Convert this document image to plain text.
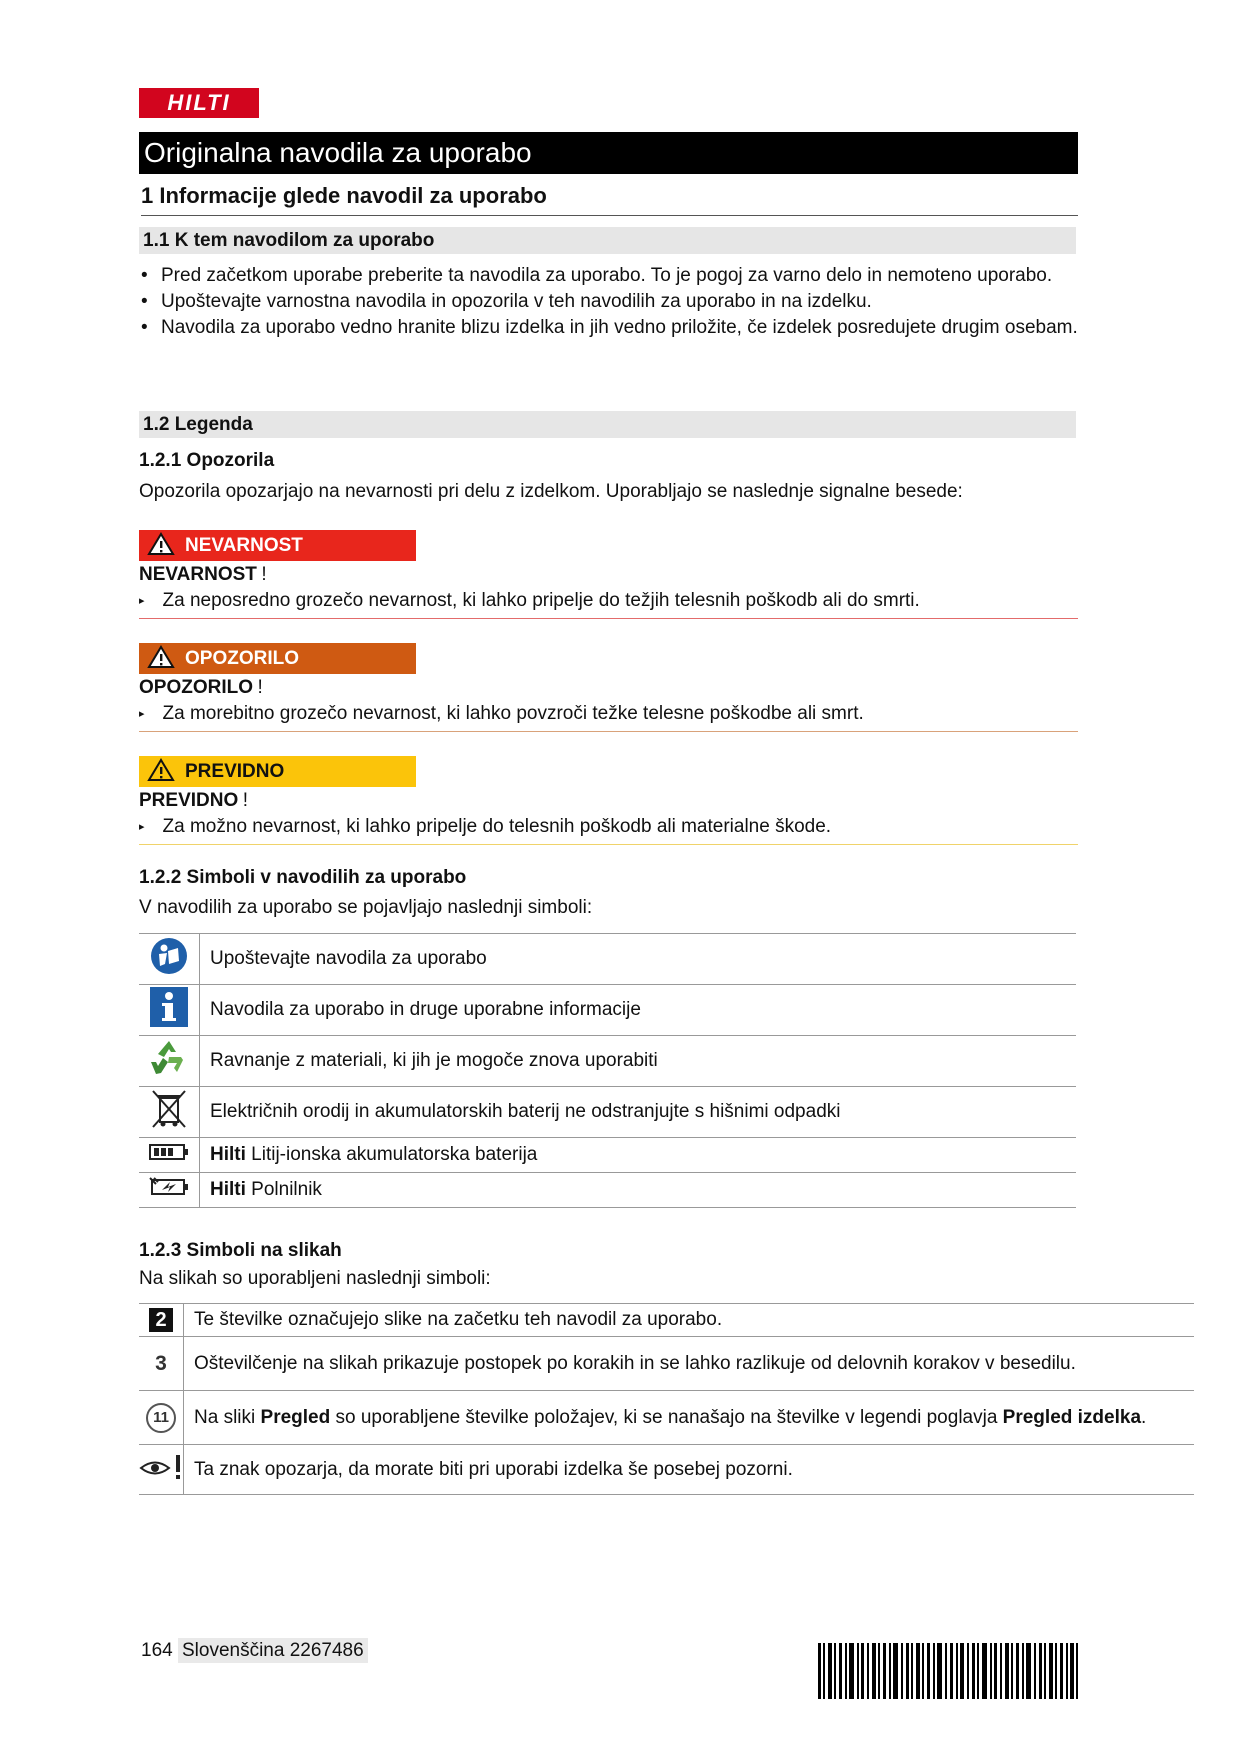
HILTI
Originalna navodila za uporabo
1 Informacije glede navodil za uporabo
1.1 K tem navodilom za uporabo
• Pred začetkom uporabe preberite ta navodila za uporabo. To je pogoj za varno delo in nemoteno uporabo.
• Upoštevajte varnostna navodila in opozorila v teh navodilih za uporabo in na izdelku.
• Navodila za uporabo vedno hranite blizu izdelka in jih vedno priložite, če izdelek posredujete drugim osebam.
1.2 Legenda
1.2.1 Opozorila
Opozorila opozarjajo na nevarnosti pri delu z izdelkom. Uporabljajo se naslednje signalne besede:
NEVARNOST
NEVARNOST !
▸ Za neposredno grozečo nevarnost, ki lahko pripelje do težjih telesnih poškodb ali do smrti.
OPOZORILO
OPOZORILO !
▸ Za morebitno grozečo nevarnost, ki lahko povzroči težke telesne poškodbe ali smrt.
PREVIDNO
PREVIDNO !
▸ Za možno nevarnost, ki lahko pripelje do telesnih poškodb ali materialne škode.
1.2.2 Simboli v navodilih za uporabo
V navodilih za uporabo se pojavljajo naslednji simboli:
	Upoštevajte navodila za uporabo
	Navodila za uporabo in druge uporabne informacije
	Ravnanje z materiali, ki jih je mogoče znova uporabiti
	Električnih orodij in akumulatorskih baterij ne odstranjujte s hišnimi odpadki
	Hilti Litij-ionska akumulatorska baterija
	Hilti Polnilnik
1.2.3 Simboli na slikah
Na slikah so uporabljeni naslednji simboli:
2	Te številke označujejo slike na začetku teh navodil za uporabo.
3	Oštevilčenje na slikah prikazuje postopek po korakih in se lahko razlikuje od delovnih korakov v besedilu.

11	Na sliki Pregled so uporabljene številke položajev, ki se nanašajo na številke v legendi poglavja Pregled izdelka.
	Ta znak opozarja, da morate biti pri uporabi izdelka še posebej pozorni.
164 Slovenščina 2267486
